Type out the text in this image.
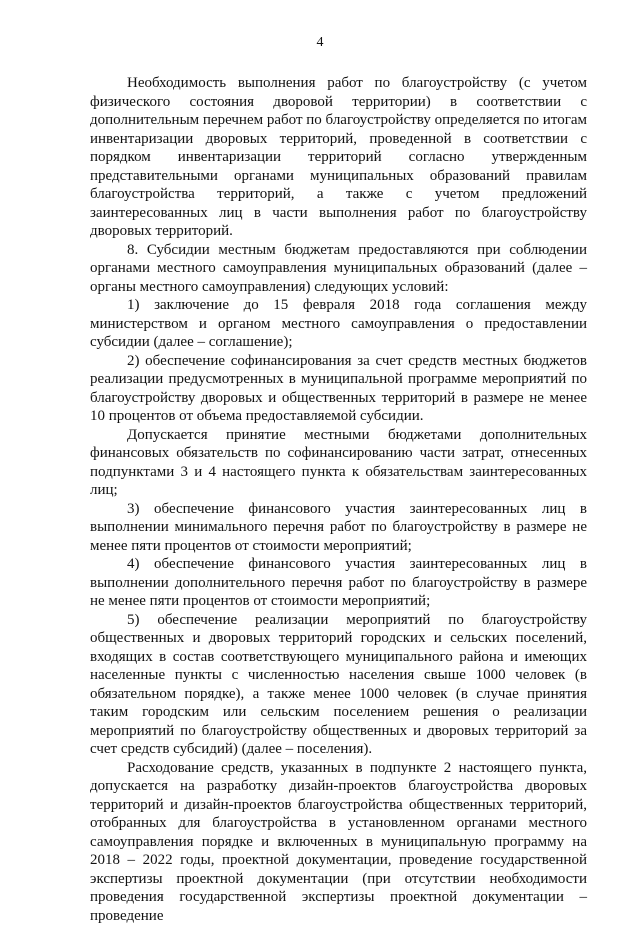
4

Необходимость выполнения работ по благоустройству (с учетом физического состояния дворовой территории) в соответствии с дополнительным перечнем работ по благоустройству определяется по итогам инвентаризации дворовых территорий, проведенной в соответствии с порядком инвентаризации территорий согласно утвержденным представительными органами муниципальных образований правилам благоустройства территорий, а также с учетом предложений заинтересованных лиц в части выполнения работ по благоустройству дворовых территорий.

8. Субсидии местным бюджетам предоставляются при соблюдении органами местного самоуправления муниципальных образований (далее – органы местного самоуправления) следующих условий:

1) заключение до 15 февраля 2018 года соглашения между министерством и органом местного самоуправления о предоставлении субсидии (далее – соглашение);

2) обеспечение софинансирования за счет средств местных бюджетов реализации предусмотренных в муниципальной программе мероприятий по благоустройству дворовых и общественных территорий в размере не менее 10 процентов от объема предоставляемой субсидии.

Допускается принятие местными бюджетами дополнительных финансовых обязательств по софинансированию части затрат, отнесенных подпунктами 3 и 4 настоящего пункта к обязательствам заинтересованных лиц;

3) обеспечение финансового участия заинтересованных лиц в выполнении минимального перечня работ по благоустройству в размере не менее пяти процентов от стоимости мероприятий;

4) обеспечение финансового участия заинтересованных лиц в выполнении дополнительного перечня работ по благоустройству в размере не менее пяти процентов от стоимости мероприятий;

5) обеспечение реализации мероприятий по благоустройству общественных и дворовых территорий городских и сельских поселений, входящих в состав соответствующего муниципального района и имеющих населенные пункты с численностью населения свыше 1000 человек (в обязательном порядке), а также менее 1000 человек (в случае принятия таким городским или сельским поселением решения о реализации мероприятий по благоустройству общественных и дворовых территорий за счет средств субсидий) (далее – поселения).

Расходование средств, указанных в подпункте 2 настоящего пункта, допускается на разработку дизайн-проектов благоустройства дворовых территорий и дизайн-проектов благоустройства общественных территорий, отобранных для благоустройства в установленном органами местного самоуправления порядке и включенных в муниципальную программу на 2018 – 2022 годы, проектной документации, проведение государственной экспертизы проектной документации (при отсутствии необходимости проведения государственной экспертизы проектной документации – проведение
